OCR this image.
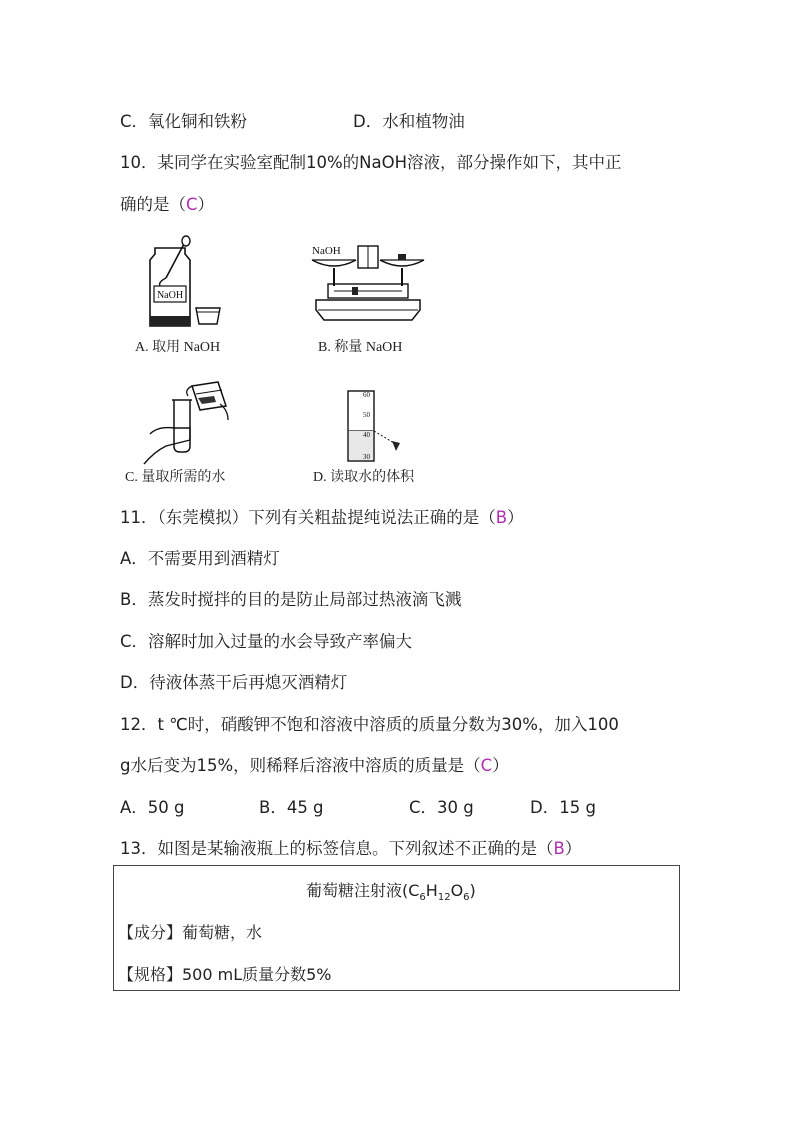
C．氧化铜和铁粉	D．水和植物油
10．某同学在实验室配制10%的NaOH溶液，部分操作如下，其中正
确的是（C）
NaOH
A. 取用 NaOH
NaOH
B. 称量 NaOH
C. 量取所需的水
60
50
40
30
D. 读取水的体积
11．（东莞模拟）下列有关粗盐提纯说法正确的是（B）
A．不需要用到酒精灯
B．蒸发时搅拌的目的是防止局部过热液滴飞溅
C．溶解时加入过量的水会导致产率偏大
D．待液体蒸干后再熄灭酒精灯
12．t ℃时，硝酸钾不饱和溶液中溶质的质量分数为30%，加入100
g水后变为15%，则稀释后溶液中溶质的质量是（C）
A．50 g	B．45 g	C．30 g	D．15 g
13．如图是某输液瓶上的标签信息。下列叙述不正确的是（B）
葡萄糖注射液$(C_6H_{12}O_6)$
【成分】葡萄糖，水
【规格】500 mL质量分数5%
